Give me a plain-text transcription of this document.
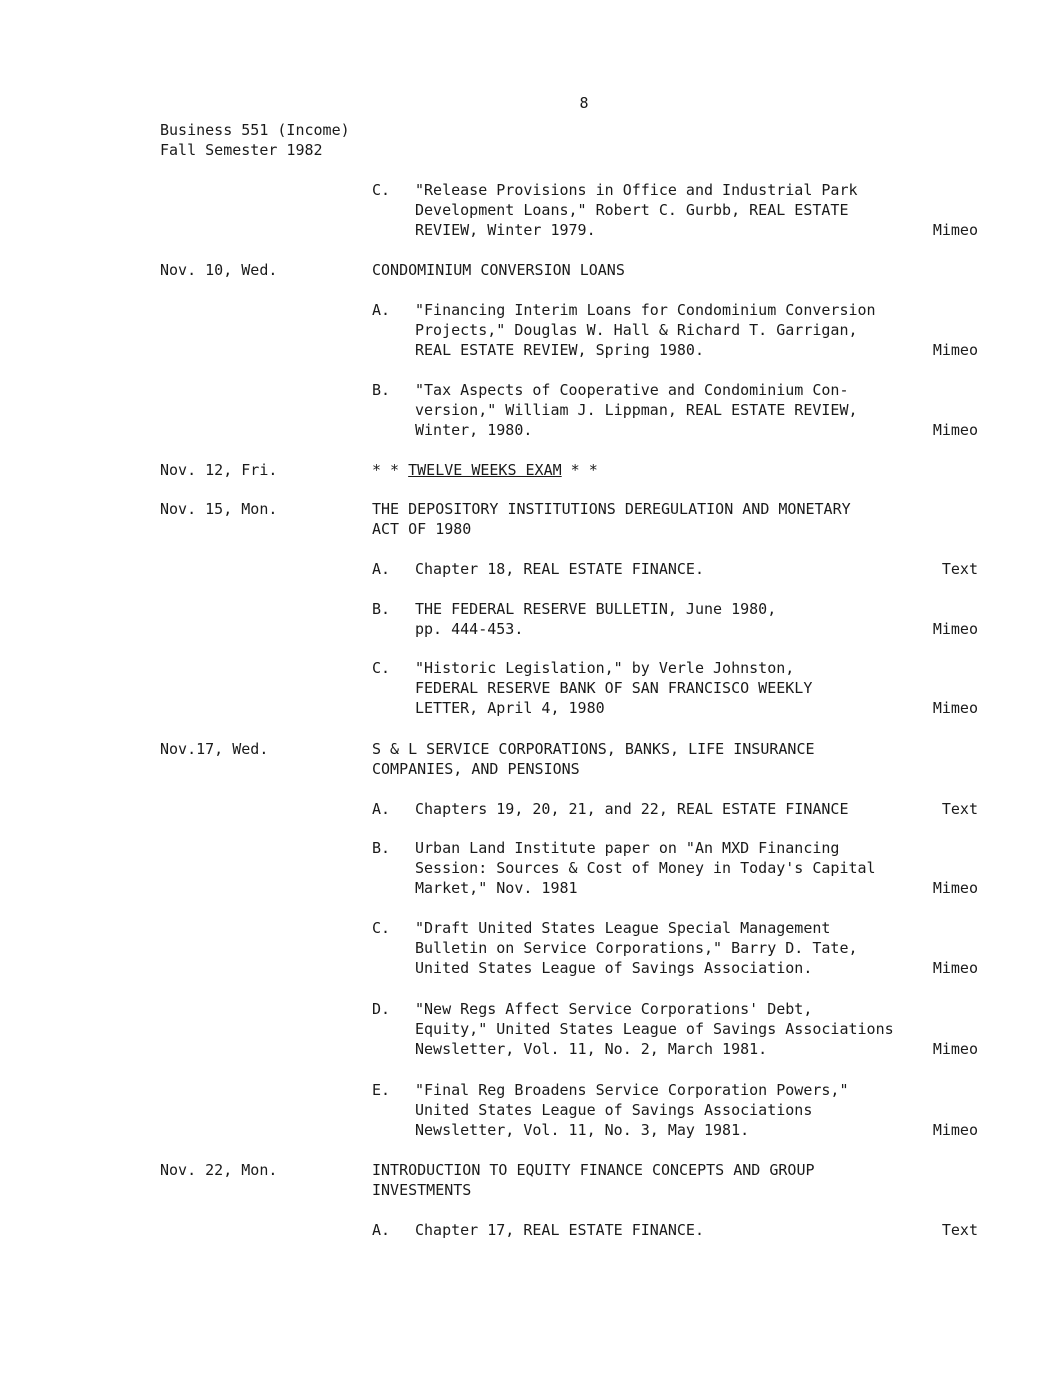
8
Business 551 (Income)
Fall Semester 1982
C.	"Release Provisions in Office and Industrial Park
Development Loans," Robert C. Gurbb, REAL ESTATE
REVIEW, Winter 1979.	Mimeo
Nov. 10, Wed.	CONDOMINIUM CONVERSION LOANS
A.	"Financing Interim Loans for Condominium Conversion
Projects," Douglas W. Hall & Richard T. Garrigan,
REAL ESTATE REVIEW, Spring 1980.	Mimeo
B.	"Tax Aspects of Cooperative and Condominium Con-
version," William J. Lippman, REAL ESTATE REVIEW,
Winter, 1980.	Mimeo
Nov. 12, Fri.	* * TWELVE WEEKS EXAM * *
Nov. 15, Mon.	THE DEPOSITORY INSTITUTIONS DEREGULATION AND MONETARY
ACT OF 1980
A.	Chapter 18, REAL ESTATE FINANCE.	Text
B.	THE FEDERAL RESERVE BULLETIN, June 1980,
pp. 444-453.	Mimeo
C.	"Historic Legislation," by Verle Johnston,
FEDERAL RESERVE BANK OF SAN FRANCISCO WEEKLY
LETTER, April 4, 1980	Mimeo
Nov.17, Wed.	S & L SERVICE CORPORATIONS, BANKS, LIFE INSURANCE
COMPANIES, AND PENSIONS
A.	Chapters 19, 20, 21, and 22, REAL ESTATE FINANCE	Text
B.	Urban Land Institute paper on "An MXD Financing
Session: Sources & Cost of Money in Today's Capital
Market," Nov. 1981	Mimeo
C.	"Draft United States League Special Management
Bulletin on Service Corporations," Barry D. Tate,
United States League of Savings Association.	Mimeo
D.	"New Regs Affect Service Corporations' Debt,
Equity," United States League of Savings Associations
Newsletter, Vol. 11, No. 2, March 1981.	Mimeo
E.	"Final Reg Broadens Service Corporation Powers,"
United States League of Savings Associations
Newsletter, Vol. 11, No. 3, May 1981.	Mimeo
Nov. 22, Mon.	INTRODUCTION TO EQUITY FINANCE CONCEPTS AND GROUP
INVESTMENTS
A.	Chapter 17, REAL ESTATE FINANCE.	Text
